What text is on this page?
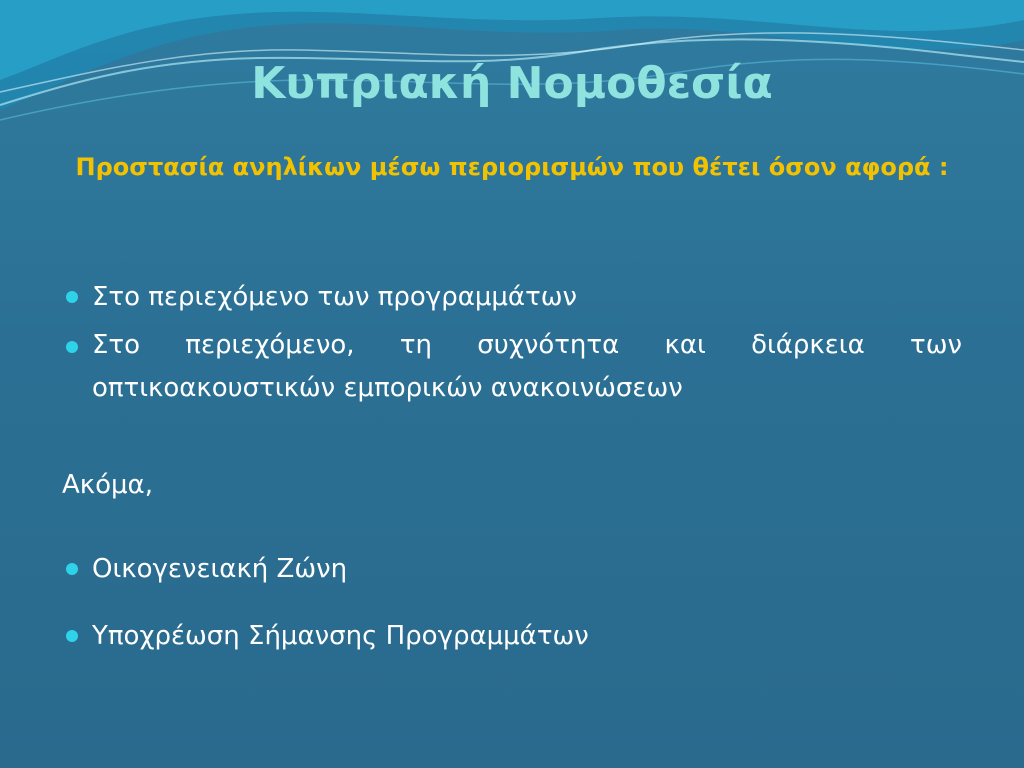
Κυπριακή Νομοθεσία

Προστασία ανηλίκων μέσω περιορισμών που θέτει όσον αφορά :

Στο περιεχόμενο των προγραμμάτων
Στο περιεχόμενο, τη συχνότητα και διάρκεια των οπτικοακουστικών εμπορικών ανακοινώσεων
Ακόμα,
Οικογενειακή Ζώνη
Υποχρέωση Σήμανσης Προγραμμάτων
